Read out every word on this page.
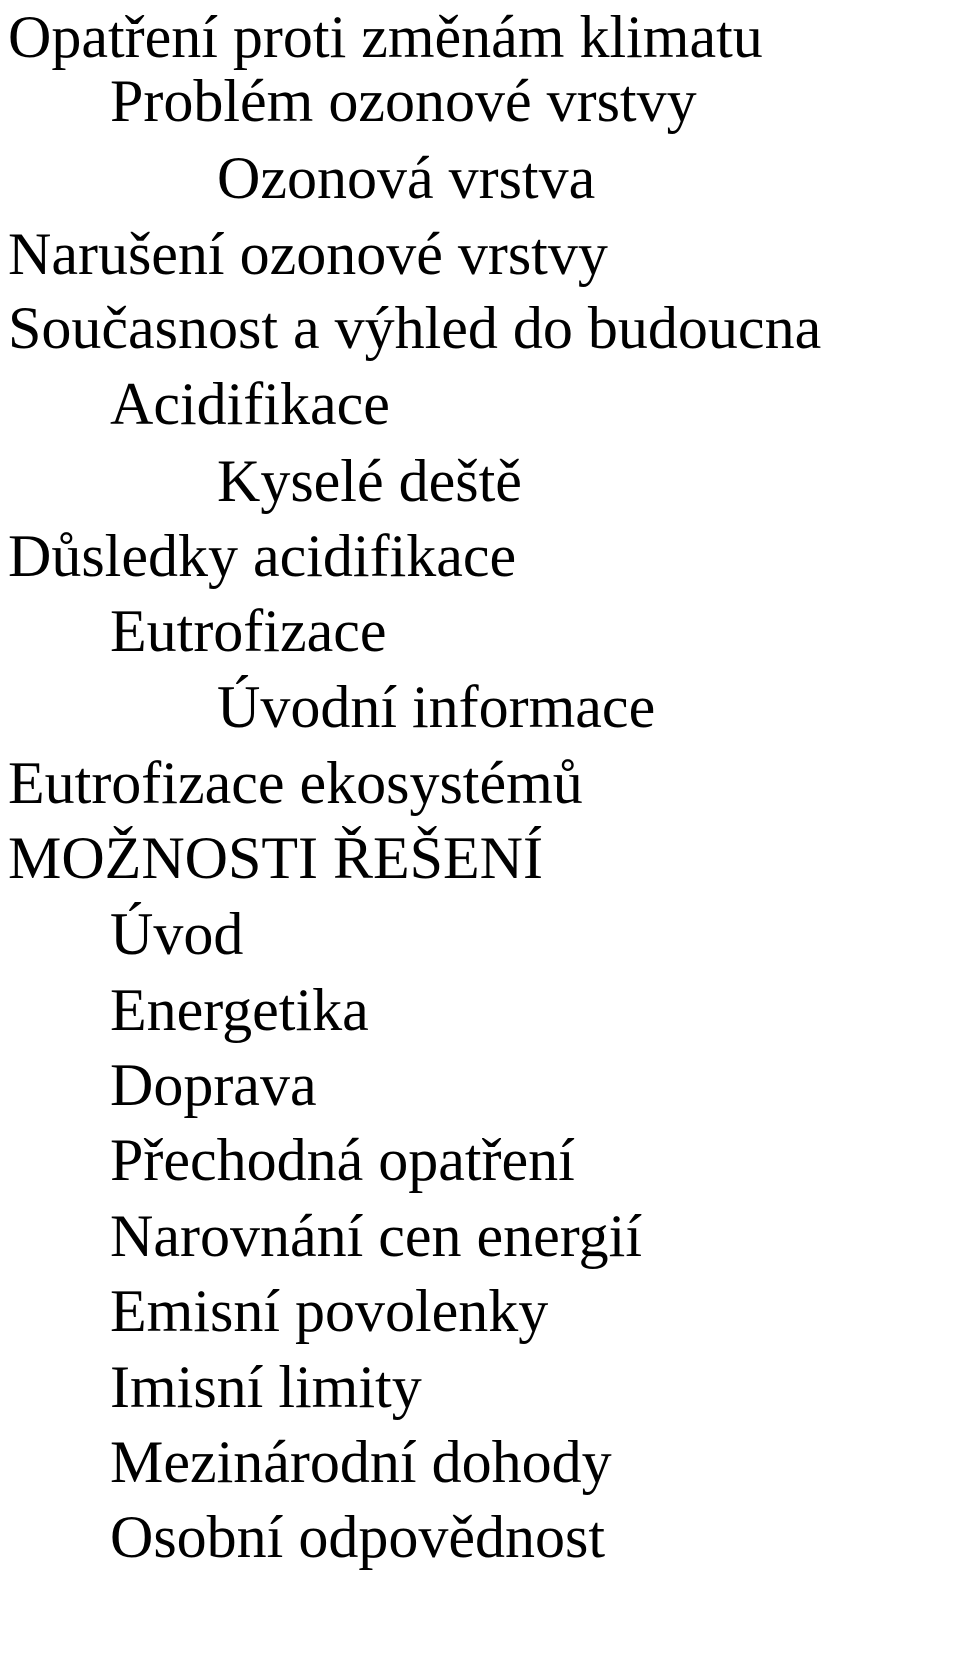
Opatření proti změnám klimatu
Problém ozonové vrstvy
Ozonová vrstva
Narušení ozonové vrstvy
Současnost a výhled do budoucna
Acidifikace
Kyselé deště
Důsledky acidifikace
Eutrofizace
Úvodní informace
Eutrofizace ekosystémů
MOŽNOSTI ŘEŠENÍ
Úvod
Energetika
Doprava
Přechodná opatření
Narovnání cen energií
Emisní povolenky
Imisní limity
Mezinárodní dohody
Osobní odpovědnost
